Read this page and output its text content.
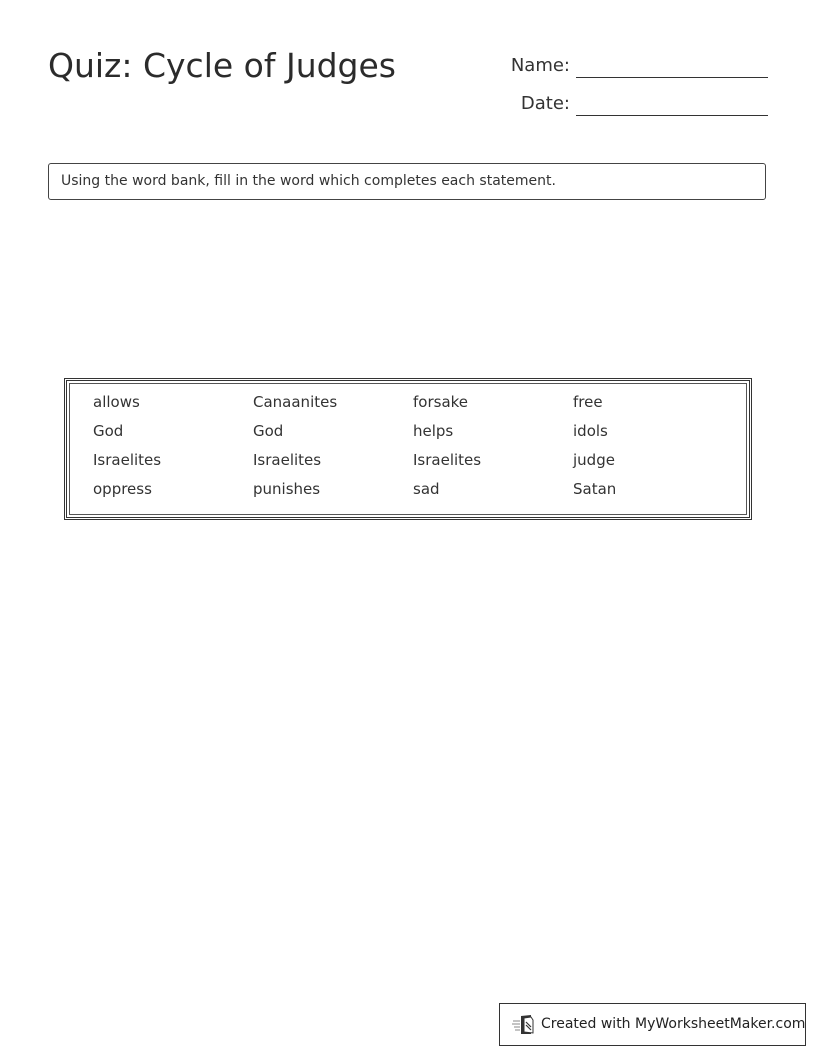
Quiz: Cycle of Judges	Name:
Date:
Using the word bank, fill in the word which completes each statement.
allows	Canaanites	forsake	free
God	God	helps	idols
Israelites	Israelites	Israelites	judge
oppress	punishes	sad	Satan
Created with MyWorksheetMaker.com
